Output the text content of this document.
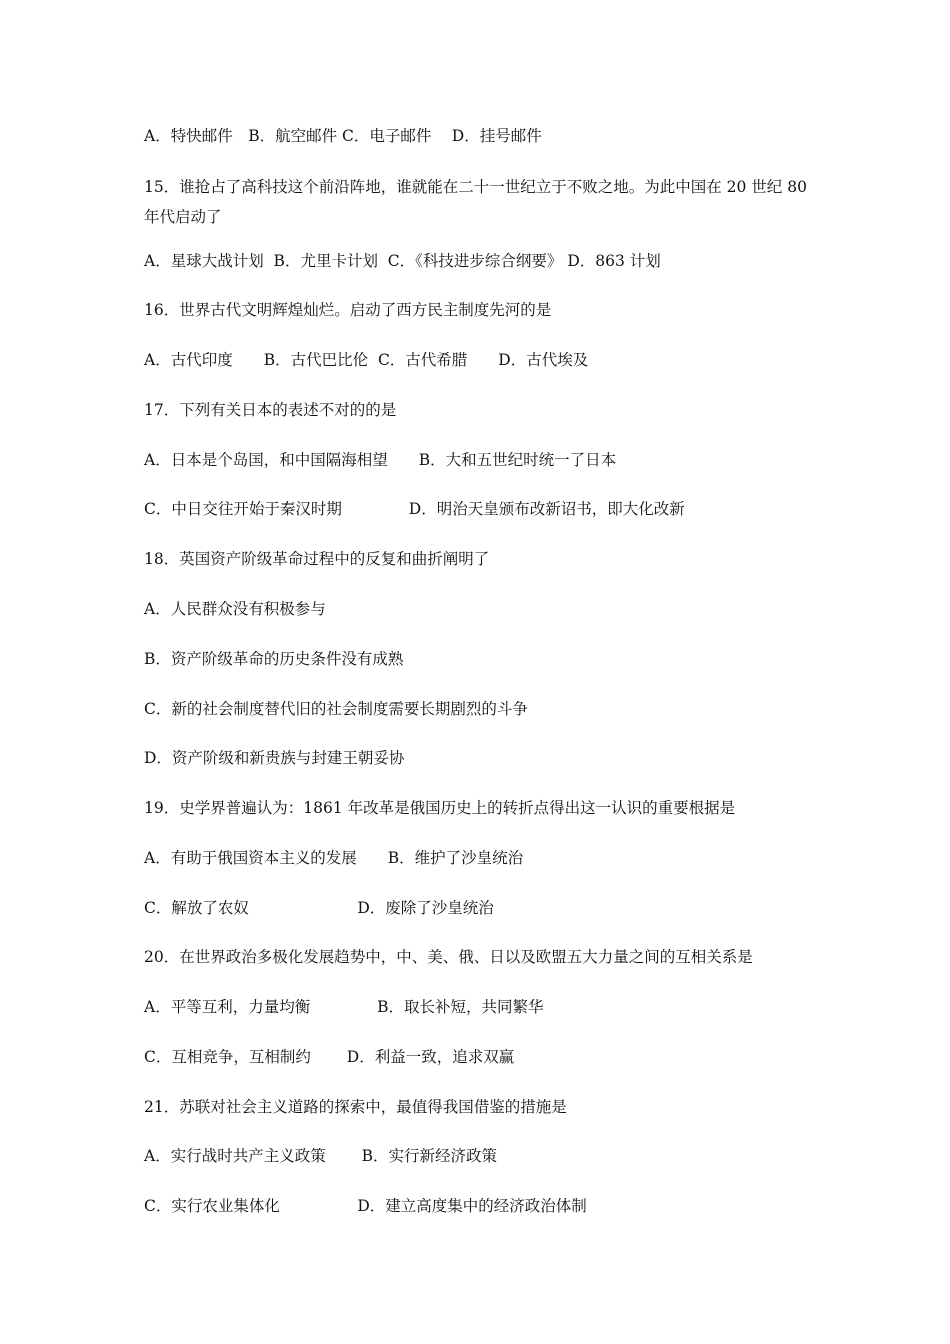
A．特快邮件　B．航空邮件 C．电子邮件　 D．挂号邮件
15．谁抢占了高科技这个前沿阵地，谁就能在二十一世纪立于不败之地。为此中国在 20 世纪 80 年代启动了
A．星球大战计划  B．尤里卡计划  C．《科技进步综合纲要》 D．863 计划
16．世界古代文明辉煌灿烂。启动了西方民主制度先河的是
A．古代印度　　B．古代巴比伦  C．古代希腊　　D．古代埃及
17．下列有关日本的表述不对的的是
A．日本是个岛国，和中国隔海相望　　B．大和五世纪时统一了日本
C．中日交往开始于秦汉时期　　　　 D．明治天皇颁布改新诏书，即大化改新
18．英国资产阶级革命过程中的反复和曲折阐明了
A．人民群众没有积极参与
B．资产阶级革命的历史条件没有成熟
C．新的社会制度替代旧的社会制度需要长期剧烈的斗争
D．资产阶级和新贵族与封建王朝妥协
19．史学界普遍认为：1861 年改革是俄国历史上的转折点得出这一认识的重要根据是
A．有助于俄国资本主义的发展　　B．维护了沙皇统治
C．解放了农奴　　　　　　　D．废除了沙皇统治
20．在世界政治多极化发展趋势中，中、美、俄、日以及欧盟五大力量之间的互相关系是
A．平等互利，力量均衡　　　　 B．取长补短，共同繁华
C．互相竞争，互相制约　　 D．利益一致，追求双赢
21．苏联对社会主义道路的探索中，最值得我国借鉴的措施是
A．实行战时共产主义政策　　 B．实行新经济政策
C．实行农业集体化　　　　　D．建立高度集中的经济政治体制
